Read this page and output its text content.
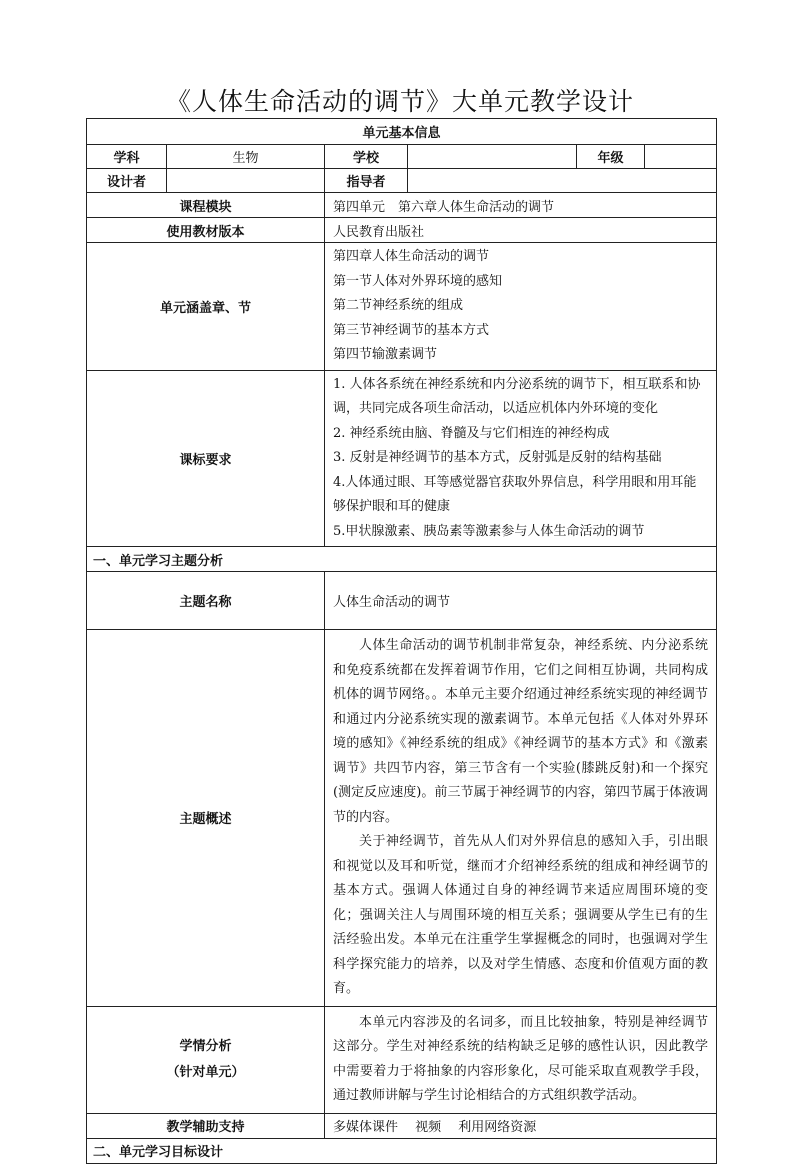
《人体生命活动的调节》大单元教学设计
单元基本信息					
学科	生物	学校		年级	
设计者		指导者			
课程模块		第四单元　第六章人体生命活动的调节			
使用教材版本		人民教育出版社			
单元涵盖章、节		第四章人体生命活动的调节
第一节人体对外界环境的感知
第二节神经系统的组成
第三节神经调节的基本方式
第四节输激素调节			

课标要求		1. 人体各系统在神经系统和内分泌系统的调节下，相互联系和协调，共同完成各项生命活动，以适应机体内外环境的变化
2. 神经系统由脑、脊髓及与它们相连的神经构成
3. 反射是神经调节的基本方式，反射弧是反射的结构基础
4.人体通过眼、耳等感觉器官获取外界信息，科学用眼和用耳能够保护眼和耳的健康
5.甲状腺激素、胰岛素等激素参与人体生命活动的调节			

一、单元学习主题分析					
主题名称		人体生命活动的调节			
主题概述		人体生命活动的调节机制非常复杂，神经系统、内分泌系统和免疫系统都在发挥着调节作用，它们之间相互协调，共同构成机体的调节网络。。本单元主要介绍通过神经系统实现的神经调节和通过内分泌系统实现的激素调节。本单元包括《人体对外界环境的感知》《神经系统的组成》《神经调节的基本方式》和《激素调节》共四节内容，第三节含有一个实验(膝跳反射)和一个探究(测定反应速度)。前三节属于神经调节的内容，第四节属于体液调节的内容。

关于神经调节，首先从人们对外界信息的感知入手，引出眼和视觉以及耳和听觉，继而才介绍神经系统的组成和神经调节的基本方式。强调人体通过自身的神经调节来适应周围环境的变化；强调关注人与周围环境的相互关系；强调要从学生已有的生活经验出发。本单元在注重学生掌握概念的同时，也强调对学生科学探究能力的培养，以及对学生情感、态度和价值观方面的教育。			

学情分析
（针对单元）		本单元内容涉及的名词多，而且比较抽象，特别是神经调节这部分。学生对神经系统的结构缺乏足够的感性认识，因此教学中需要着力于将抽象的内容形象化，尽可能采取直观教学手段，通过教师讲解与学生讨论相结合的方式组织教学活动。			

教学辅助支持		多媒体课件　 视频　 利用网络资源			
二、单元学习目标设计					
